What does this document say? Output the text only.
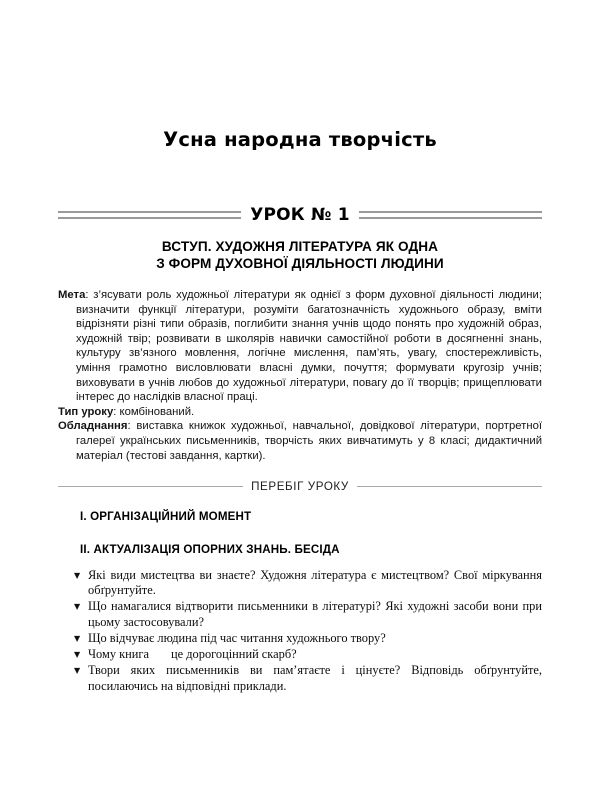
Усна народна творчість
УРОК № 1
ВСТУП. ХУДОЖНЯ ЛІТЕРАТУРА ЯК ОДНА
З ФОРМ ДУХОВНОЇ ДІЯЛЬНОСТІ ЛЮДИНИ

Мета: з’ясувати роль художньої літератури як однієї з форм духовної діяльності людини; визначити функції літератури, розуміти багатозначність художнього образу, вміти відрізняти різні типи образів, поглибити знання учнів щодо понять про художній образ, художній твір; розвивати в школярів навички самостійної роботи в досягненні знань, культуру зв’язного мовлення, логічне мислення, пам’ять, увагу, спостережливість, уміння грамотно висловлювати власні думки, почуття; формувати кругозір учнів; виховувати в учнів любов до художньої літератури, повагу до її творців; прищеплювати інтерес до наслідків власної праці.

Тип уроку: комбінований.

Обладнання: виставка книжок художньої, навчальної, довідкової літератури, портретної галереї українських письменників, творчість яких вивчатимуть у 8 класі; дидактичний матеріал (тестові завдання, картки).

ПЕРЕБІГ УРОКУ
I. ОРГАНІЗАЦІЙНИЙ МОМЕНТ
II. АКТУАЛІЗАЦІЯ ОПОРНИХ ЗНАНЬ. БЕСІДА
▼ Які види мистецтва ви знаєте? Художня література є мистецтвом? Свої міркування обґрунтуйте.
▼ Що намагалися відтворити письменники в літературі? Які художні засоби вони при цьому застосовували?
▼ Що відчуває людина під час читання художнього твору?
▼ Чому книга це дорогоцінний скарб?
▼ Твори яких письменників ви пам’ятаєте і цінуєте? Відповідь обґрунтуйте, посилаючись на відповідні приклади.
